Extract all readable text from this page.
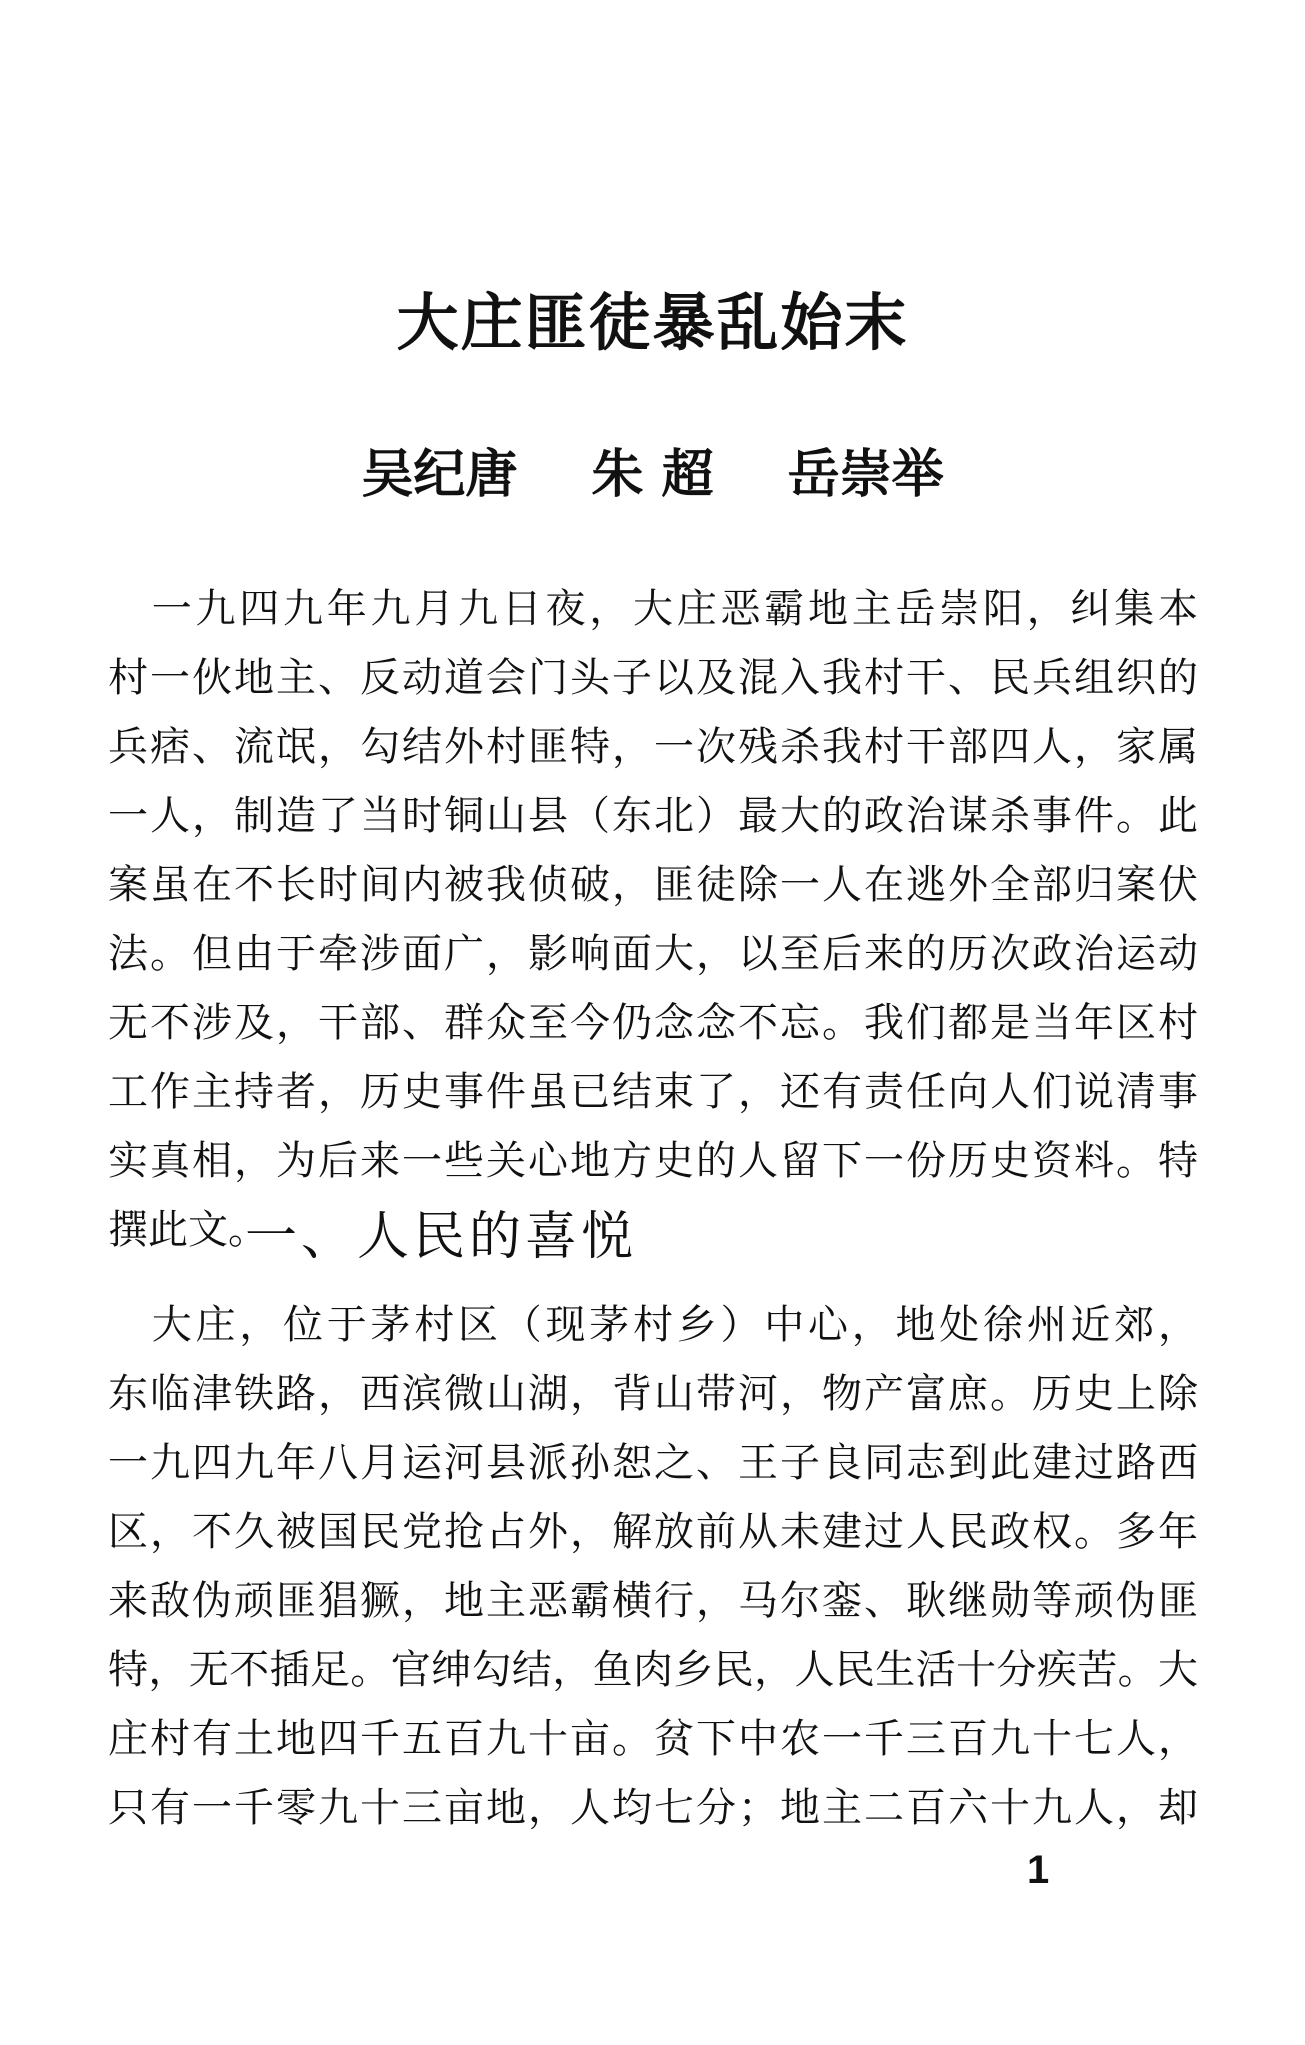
大庄匪徒暴乱始末
吴纪唐 朱 超 岳崇举
　一九四九年九月九日夜，大庄恶霸地主岳崇阳，纠集本
村一伙地主、反动道会门头子以及混入我村干、民兵组织的
兵痞、流氓，勾结外村匪特，一次残杀我村干部四人，家属
一人，制造了当时铜山县（东北）最大的政治谋杀事件。此
案虽在不长时间内被我侦破，匪徒除一人在逃外全部归案伏
法。但由于牵涉面广，影响面大，以至后来的历次政治运动
无不涉及，干部、群众至今仍念念不忘。我们都是当年区村
工作主持者，历史事件虽已结束了，还有责任向人们说清事
实真相，为后来一些关心地方史的人留下一份历史资料。特
撰此文。
一、人民的喜悦
　大庄，位于茅村区（现茅村乡）中心，地处徐州近郊，
东临津铁路，西滨微山湖，背山带河，物产富庶。历史上除
一九四九年八月运河县派孙恕之、王子良同志到此建过路西
区，不久被国民党抢占外，解放前从未建过人民政权。多年
来敌伪顽匪猖獗，地主恶霸横行，马尔銮、耿继勋等顽伪匪
特，无不插足。官绅勾结，鱼肉乡民，人民生活十分疾苦。大
庄村有土地四千五百九十亩。贫下中农一千三百九十七人，
只有一千零九十三亩地，人均七分；地主二百六十九人，却
1
